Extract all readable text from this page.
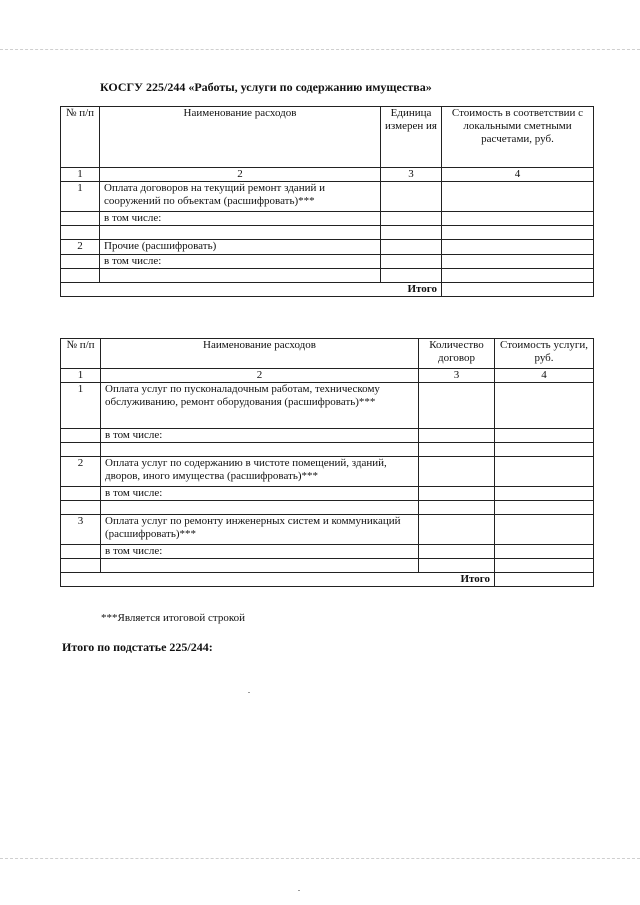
КОСГУ 225/244 «Работы, услуги по содержанию имущества»
№ п/п	Наименование расходов	Единица измерен ия	Стоимость в соответствии с локальными сметными расчетами, руб.
1	2	3	4
1	Оплата договоров на текущий ремонт зданий и сооружений по объектам (расшифровать)***		
	в том числе:		

2	Прочие (расшифровать)		
	в том числе:		

Итого			
№ п/п	Наименование расходов	Количество договор	Стоимость услуги, руб.
1	2	3	4
1	Оплата услуг по пусконаладочным работам, техническому обслуживанию, ремонт оборудования (расшифровать)***		
	в том числе:		

2	Оплата услуг по содержанию в чистоте помещений, зданий, дворов, иного имущества (расшифровать)***		
	в том числе:		

3	Оплата услуг по ремонту инженерных систем и коммуникаций (расшифровать)***		
	в том числе:		

Итого			
***Является итоговой строкой
Итого по подстатье 225/244:
